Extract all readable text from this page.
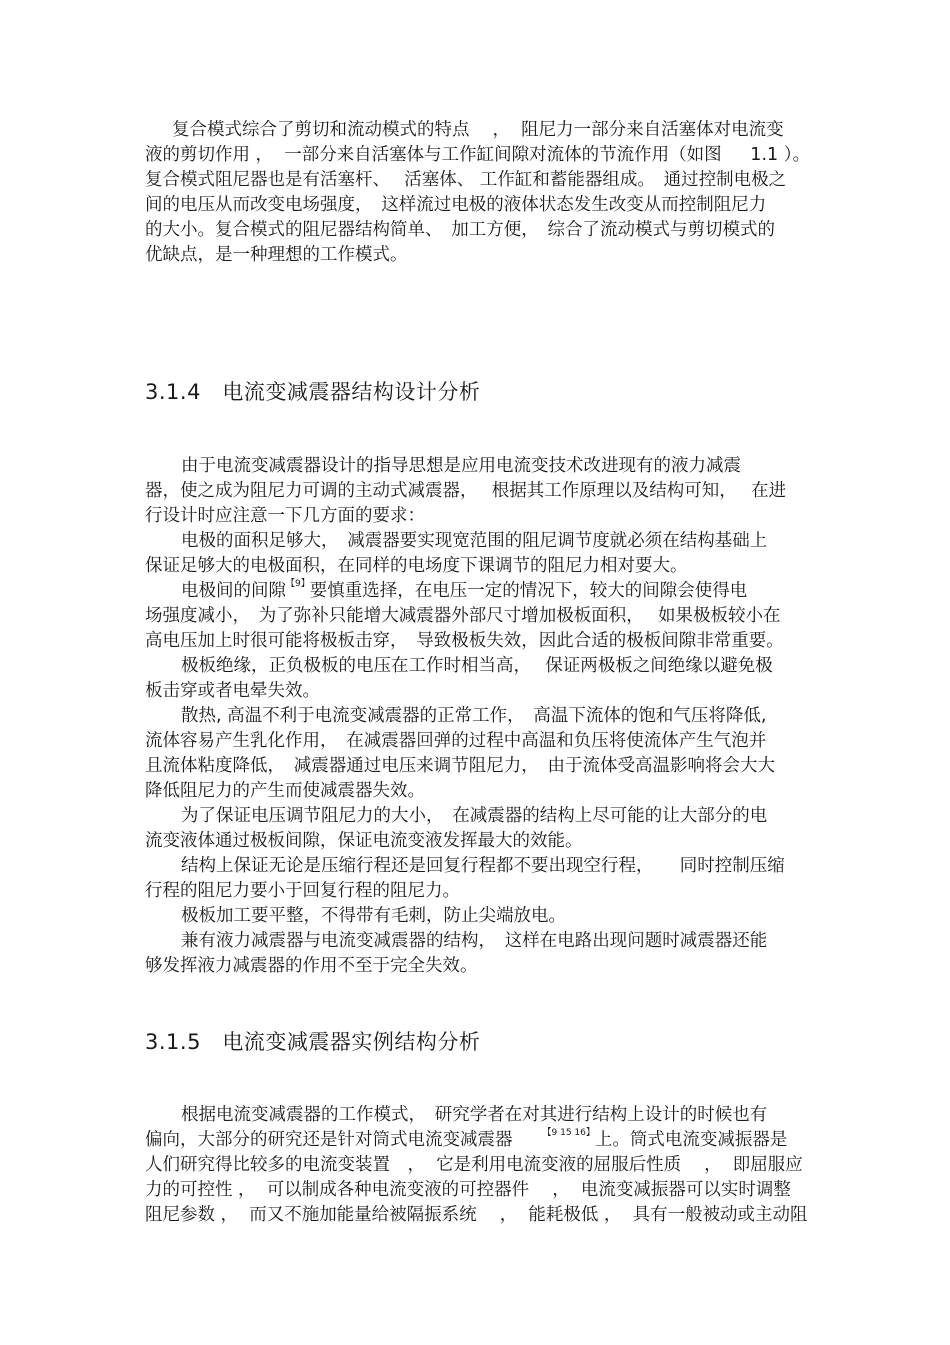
复合模式综合了剪切和流动模式的特点　 ，  阻尼力一部分来自活塞体对电流变
液的剪切作用 ，  一部分来自活塞体与工作缸间隙对流体的节流作用（如图　  1.1 ）。
复合模式阻尼器也是有活塞杆、　 活塞体、 工作缸和蓄能器组成。　通过控制电极之
间的电压从而改变电场强度，　这样流过电极的液体状态发生改变从而控制阻尼力
的大小。复合模式的阻尼器结构简单、　加工方便，　综合了流动模式与剪切模式的
优缺点，是一种理想的工作模式。
3.1.4　电流变减震器结构设计分析
由于电流变减震器设计的指导思想是应用电流变技术改进现有的液力减震
器，使之成为阻尼力可调的主动式减震器，　 根据其工作原理以及结构可知，　 在进
行设计时应注意一下几方面的要求：
电极的面积足够大，　减震器要实现宽范围的阻尼调节度就必须在结构基础上
保证足够大的电极面积，在同样的电场度下课调节的阻尼力相对要大。
电极间的间隙$^{【9】}$要慎重选择，在电压一定的情况下，较大的间隙会使得电
场强度减小，　为了弥补只能增大减震器外部尺寸增加极板面积，　 如果极板较小在
高电压加上时很可能将极板击穿，　导致极板失效，因此合适的极板间隙非常重要。
极板绝缘，正负极板的电压在工作时相当高，　 保证两极板之间绝缘以避免极
板击穿或者电晕失效。
散热, 高温不利于电流变减震器的正常工作，　高温下流体的饱和气压将降低,
流体容易产生乳化作用，　在减震器回弹的过程中高温和负压将使流体产生气泡并
且流体粘度降低，　减震器通过电压来调节阻尼力，　由于流体受高温影响将会大大
降低阻尼力的产生而使减震器失效。
为了保证电压调节阻尼力的大小，　在减震器的结构上尽可能的让大部分的电
流变液体通过极板间隙，保证电流变液发挥最大的效能。
结构上保证无论是压缩行程还是回复行程都不要出现空行程，　　同时控制压缩
行程的阻尼力要小于回复行程的阻尼力。
极板加工要平整，不得带有毛刺，防止尖端放电。
兼有液力减震器与电流变减震器的结构，　这样在电路出现问题时减震器还能
够发挥液力减震器的作用不至于完全失效。
3.1.5　电流变减震器实例结构分析
根据电流变减震器的工作模式，　研究学者在对其进行结构上设计的时候也有
偏向，大部分的研究还是针对筒式电流变减震器	$^{【9 15 16】}$上。筒式电流变减振器是
人们研究得比较多的电流变装置　，  它是利用电流变液的屈服后性质　 ，  即屈服应
力的可控性 ，  可以制成各种电流变液的可控器件　 ，  电流变减振器可以实时调整
阻尼参数 ，  而又不施加能量给被隔振系统　 ，  能耗极低 ，  具有一般被动或主动阻
